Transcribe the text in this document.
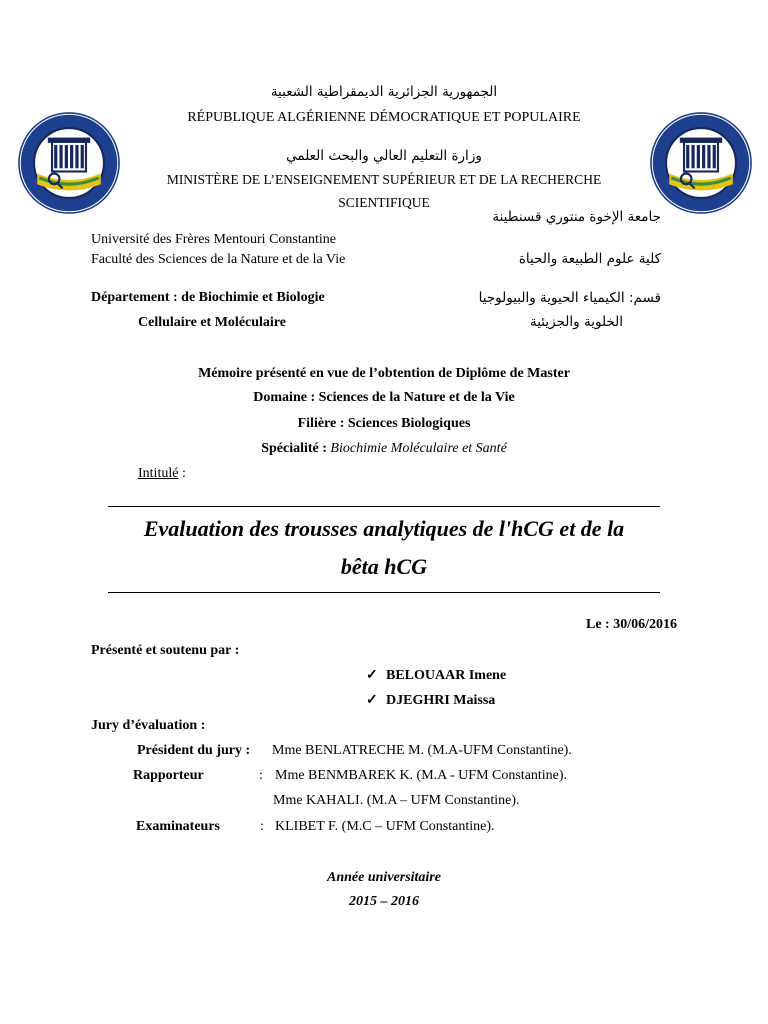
الجمهورية الجزائرية الديمقراطية الشعبية
RÉPUBLIQUE ALGÉRIENNE DÉMOCRATIQUE ET POPULAIRE
وزارة التعليم العالي والبحث العلمي
MINISTÈRE DE L’ENSEIGNEMENT SUPÉRIEUR ET DE LA RECHERCHE
SCIENTIFIQUE
جامعة الإخوة منتوري قسنطينة
Université des Frères Mentouri Constantine
Faculté des Sciences de la Nature et de la Vie	كلية علوم الطبيعة والحياة
Département : de Biochimie et Biologie
Cellulaire et Moléculaire
قسم: الكيمياء الحيوية والبيولوجيا
الخلوية والجزيئية
Mémoire présenté en vue de l’obtention de Diplôme de Master
Domaine : Sciences de la Nature et de la Vie
Filière : Sciences Biologiques
Spécialité : Biochimie Moléculaire et Santé
Intitulé :
Evaluation des trousses analytiques de l'hCG et de la
bêta hCG
Le : 30/06/2016
Présenté et soutenu par :
✓ BELOUAAR Imene
✓ DJEGHRI Maissa
Jury d’évaluation :
Président du jury : Mme BENLATRECHE M. (M.A-UFM Constantine).
Rapporteur	: Mme BENMBAREK K. (M.A - UFM Constantine).
Mme KAHALI. (M.A – UFM Constantine).
Examinateurs	: KLIBET F. (M.C – UFM Constantine).
Année universitaire
2015 – 2016
